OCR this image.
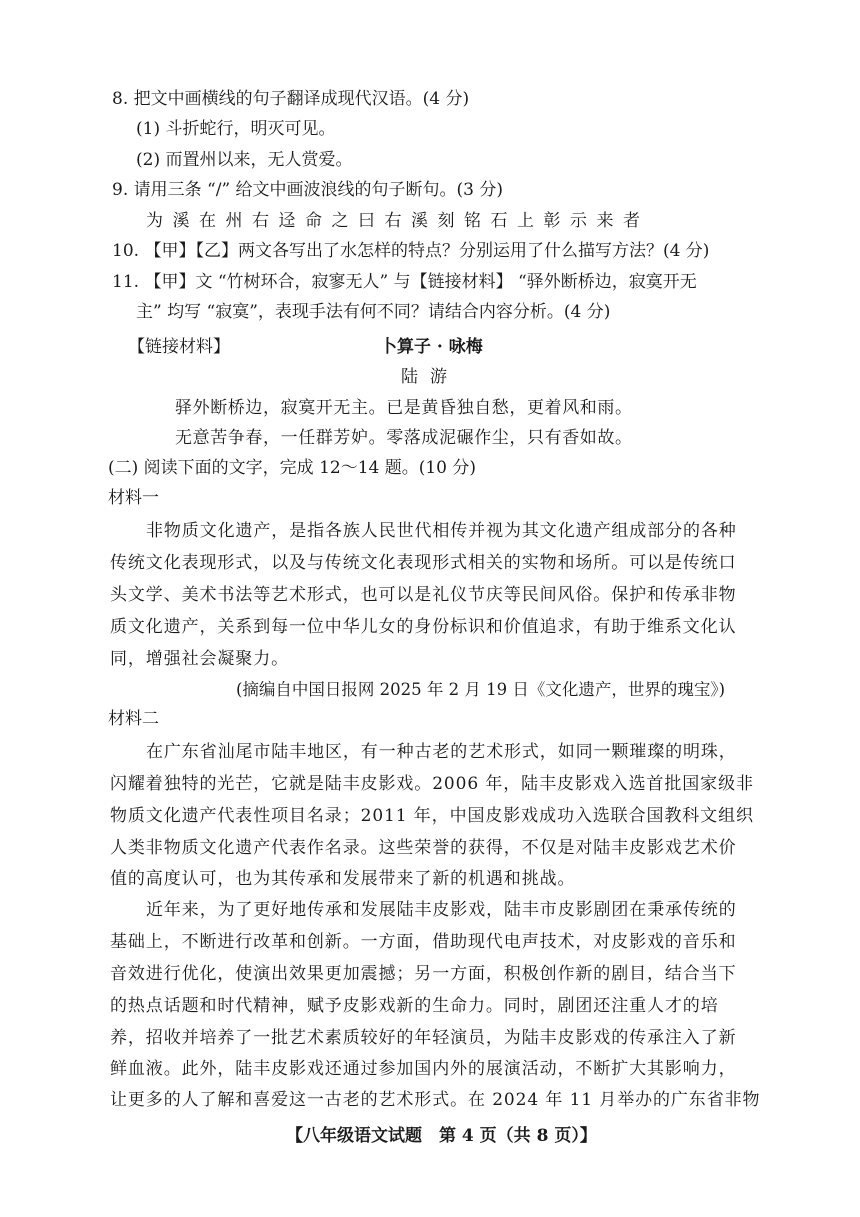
8. 把文中画横线的句子翻译成现代汉语。(4 分)
(1) 斗折蛇行，明灭可见。
(2) 而置州以来，无人赏爱。
9. 请用三条 “/” 给文中画波浪线的句子断句。(3 分)
为溪在州右迳命之曰右溪刻铭石上彰示来者
10. 【甲】【乙】两文各写出了水怎样的特点？分别运用了什么描写方法？(4 分)
11. 【甲】文 “竹树环合，寂寥无人” 与【链接材料】 “驿外断桥边，寂寞开无
主” 均写 “寂寞”，表现手法有何不同？请结合内容分析。(4 分)
【链接材料】	卜算子 · 咏梅
陆游
驿外断桥边，寂寞开无主。已是黄昏独自愁，更着风和雨。
无意苦争春，一任群芳妒。零落成泥碾作尘，只有香如故。
(二) 阅读下面的文字，完成 12～14 题。(10 分)
材料一
非物质文化遗产，是指各族人民世代相传并视为其文化遗产组成部分的各种
传统文化表现形式，以及与传统文化表现形式相关的实物和场所。可以是传统口
头文学、美术书法等艺术形式，也可以是礼仪节庆等民间风俗。保护和传承非物
质文化遗产，关系到每一位中华儿女的身份标识和价值追求，有助于维系文化认
同，增强社会凝聚力。
(摘编自中国日报网 2025 年 2 月 19 日《文化遗产，世界的瑰宝》)
材料二
在广东省汕尾市陆丰地区，有一种古老的艺术形式，如同一颗璀璨的明珠，
闪耀着独特的光芒，它就是陆丰皮影戏。2006 年，陆丰皮影戏入选首批国家级非
物质文化遗产代表性项目名录；2011 年，中国皮影戏成功入选联合国教科文组织
人类非物质文化遗产代表作名录。这些荣誉的获得，不仅是对陆丰皮影戏艺术价
值的高度认可，也为其传承和发展带来了新的机遇和挑战。
近年来，为了更好地传承和发展陆丰皮影戏，陆丰市皮影剧团在秉承传统的
基础上，不断进行改革和创新。一方面，借助现代电声技术，对皮影戏的音乐和
音效进行优化，使演出效果更加震撼；另一方面，积极创作新的剧目，结合当下
的热点话题和时代精神，赋予皮影戏新的生命力。同时，剧团还注重人才的培
养，招收并培养了一批艺术素质较好的年轻演员，为陆丰皮影戏的传承注入了新
鲜血液。此外，陆丰皮影戏还通过参加国内外的展演活动，不断扩大其影响力，
让更多的人了解和喜爱这一古老的艺术形式。在 2024 年 11 月举办的广东省非物
【八年级语文试题　第 4 页（共 8 页）】
